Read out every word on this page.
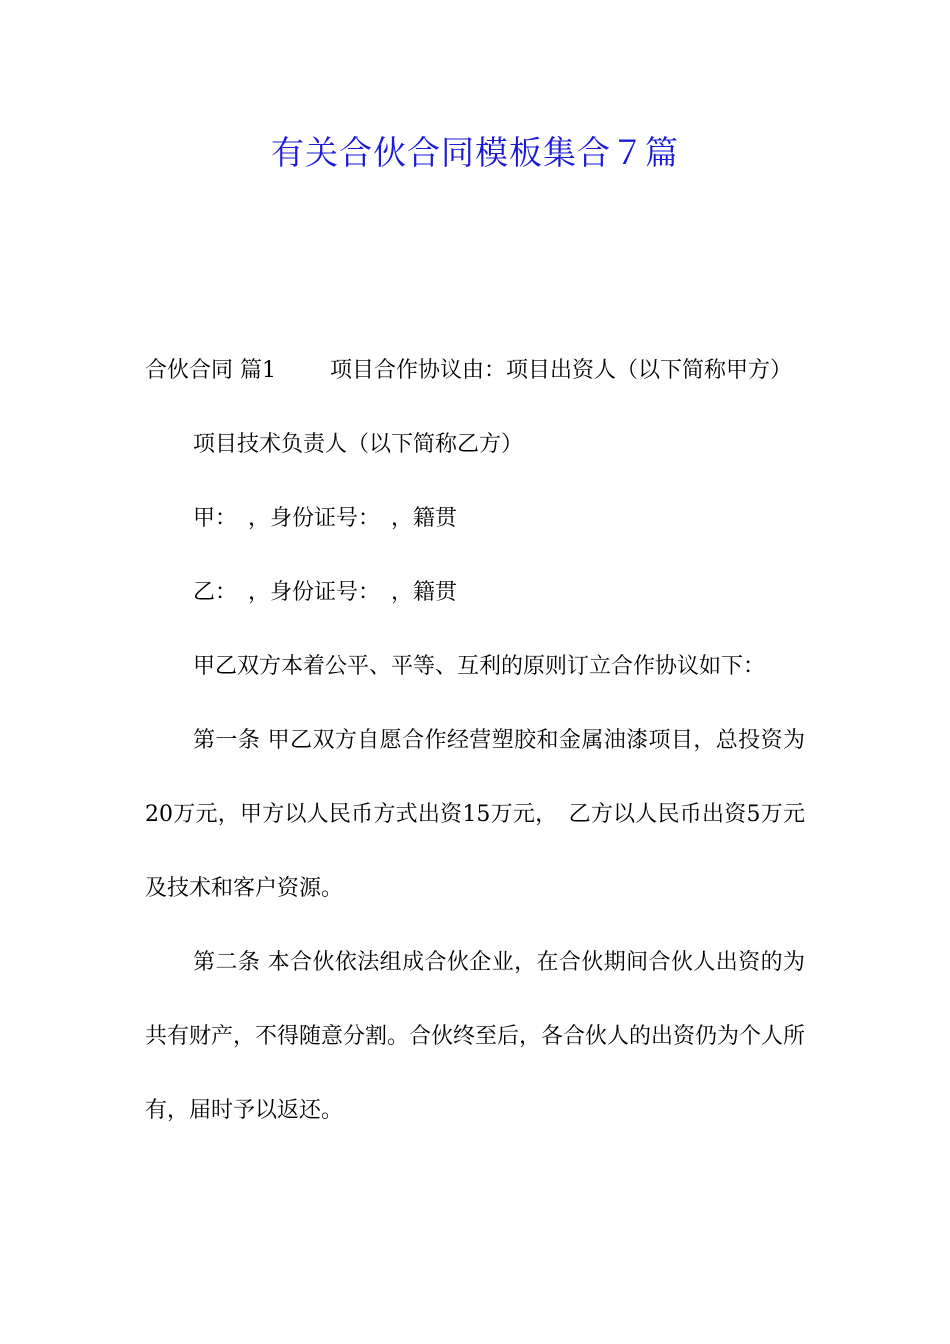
有关合伙合同模板集合７篇

合伙合同 篇1 项目合作协议由：项目出资人（以下简称甲方）

项目技术负责人（以下简称乙方）

甲：　，身份证号：　，籍贯

乙：　，身份证号：　，籍贯

甲乙双方本着公平、平等、互利的原则订立合作协议如下：

第一条 甲乙双方自愿合作经营塑胶和金属油漆项目，总投资为20万元，甲方以人民币方式出资15万元，　乙方以人民币出资5万元及技术和客户资源。

第二条 本合伙依法组成合伙企业，在合伙期间合伙人出资的为共有财产，不得随意分割。合伙终至后，各合伙人的出资仍为个人所有，届时予以返还。
